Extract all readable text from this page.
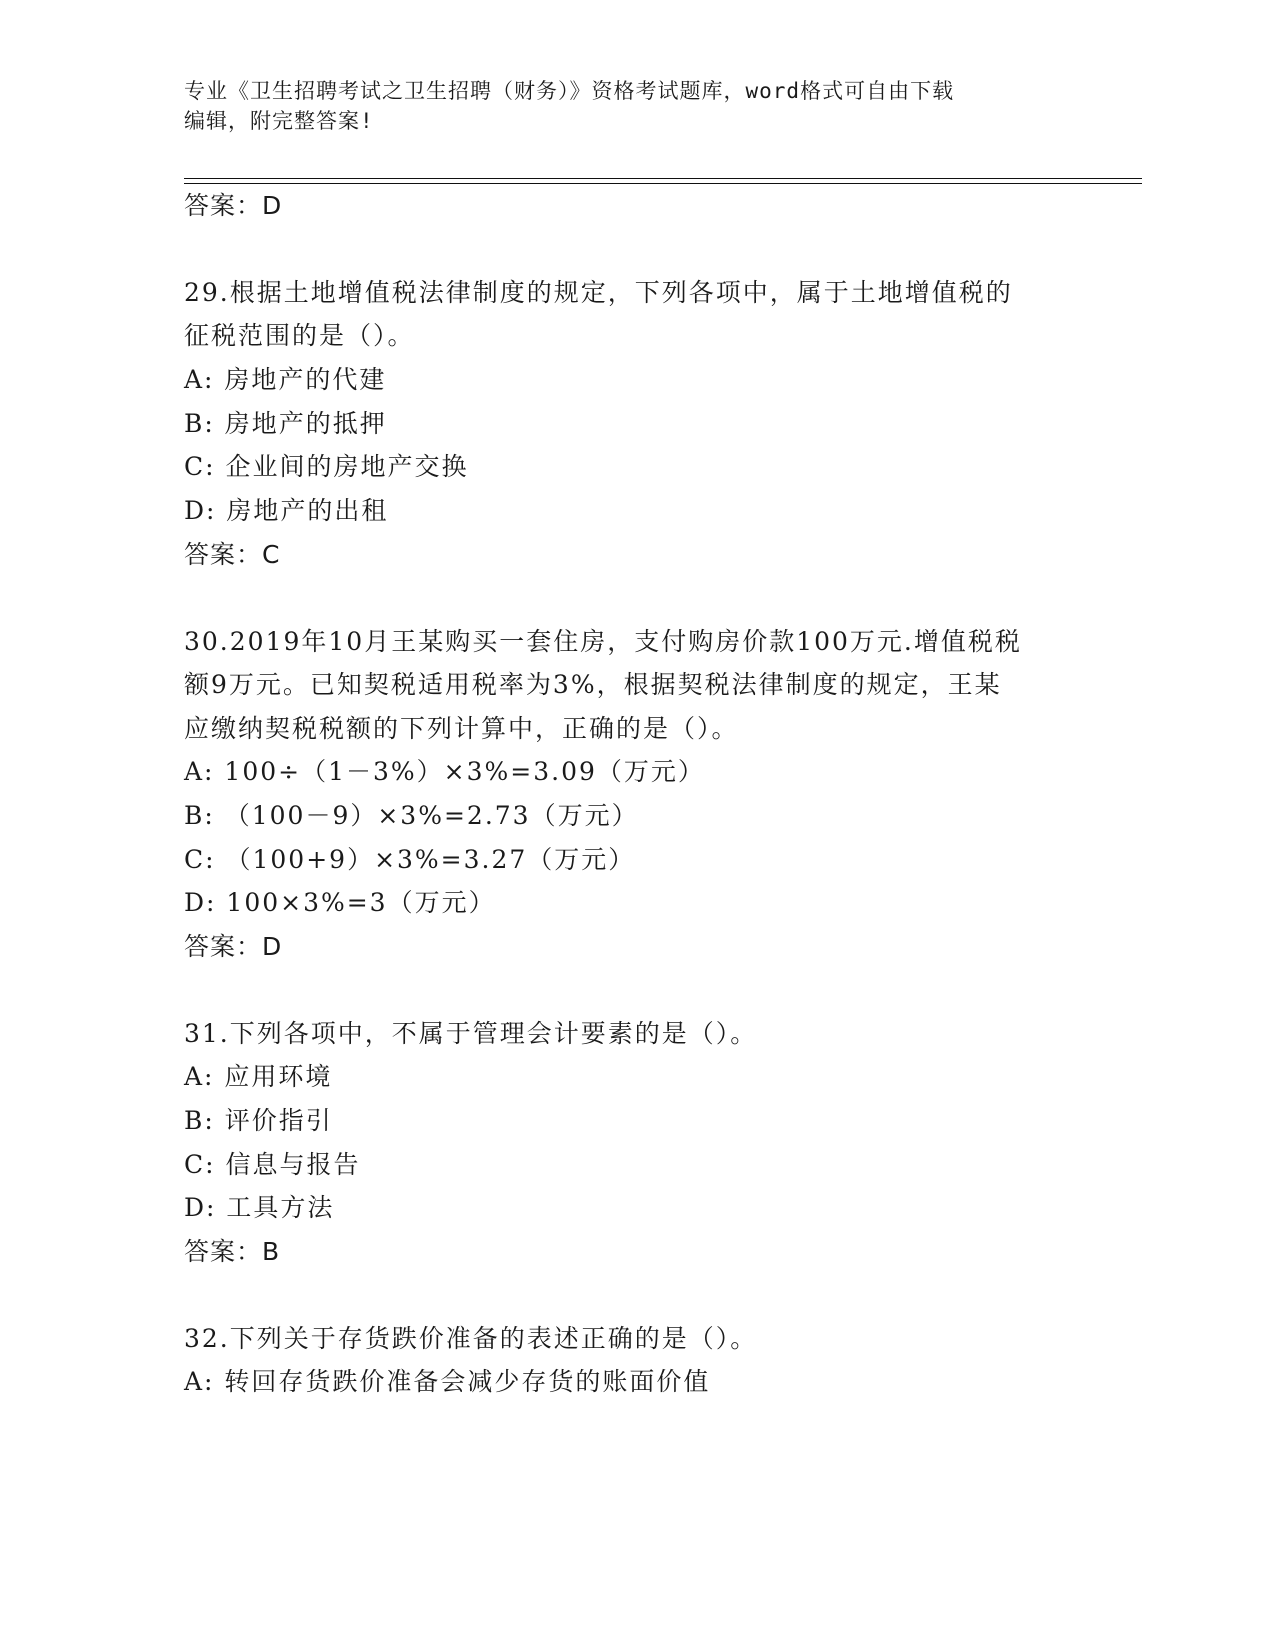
专业《卫生招聘考试之卫生招聘（财务）》资格考试题库，word格式可自由下载
编辑，附完整答案!
答案：D
29.根据土地增值税法律制度的规定，下列各项中，属于土地增值税的
征税范围的是（）。
A: 房地产的代建
B: 房地产的抵押
C: 企业间的房地产交换
D: 房地产的出租
答案：C
30.2019年10月王某购买一套住房，支付购房价款100万元.增值税税
额9万元。已知契税适用税率为3%，根据契税法律制度的规定，王某
应缴纳契税税额的下列计算中，正确的是（）。
A: 100÷（1－3%）×3%=3.09（万元）
B: （100－9）×3%=2.73（万元）
C: （100+9）×3%=3.27（万元）
D: 100×3%=3（万元）
答案：D
31.下列各项中，不属于管理会计要素的是（）。
A: 应用环境
B: 评价指引
C: 信息与报告
D: 工具方法
答案：B
32.下列关于存货跌价准备的表述正确的是（）。
A: 转回存货跌价准备会减少存货的账面价值
